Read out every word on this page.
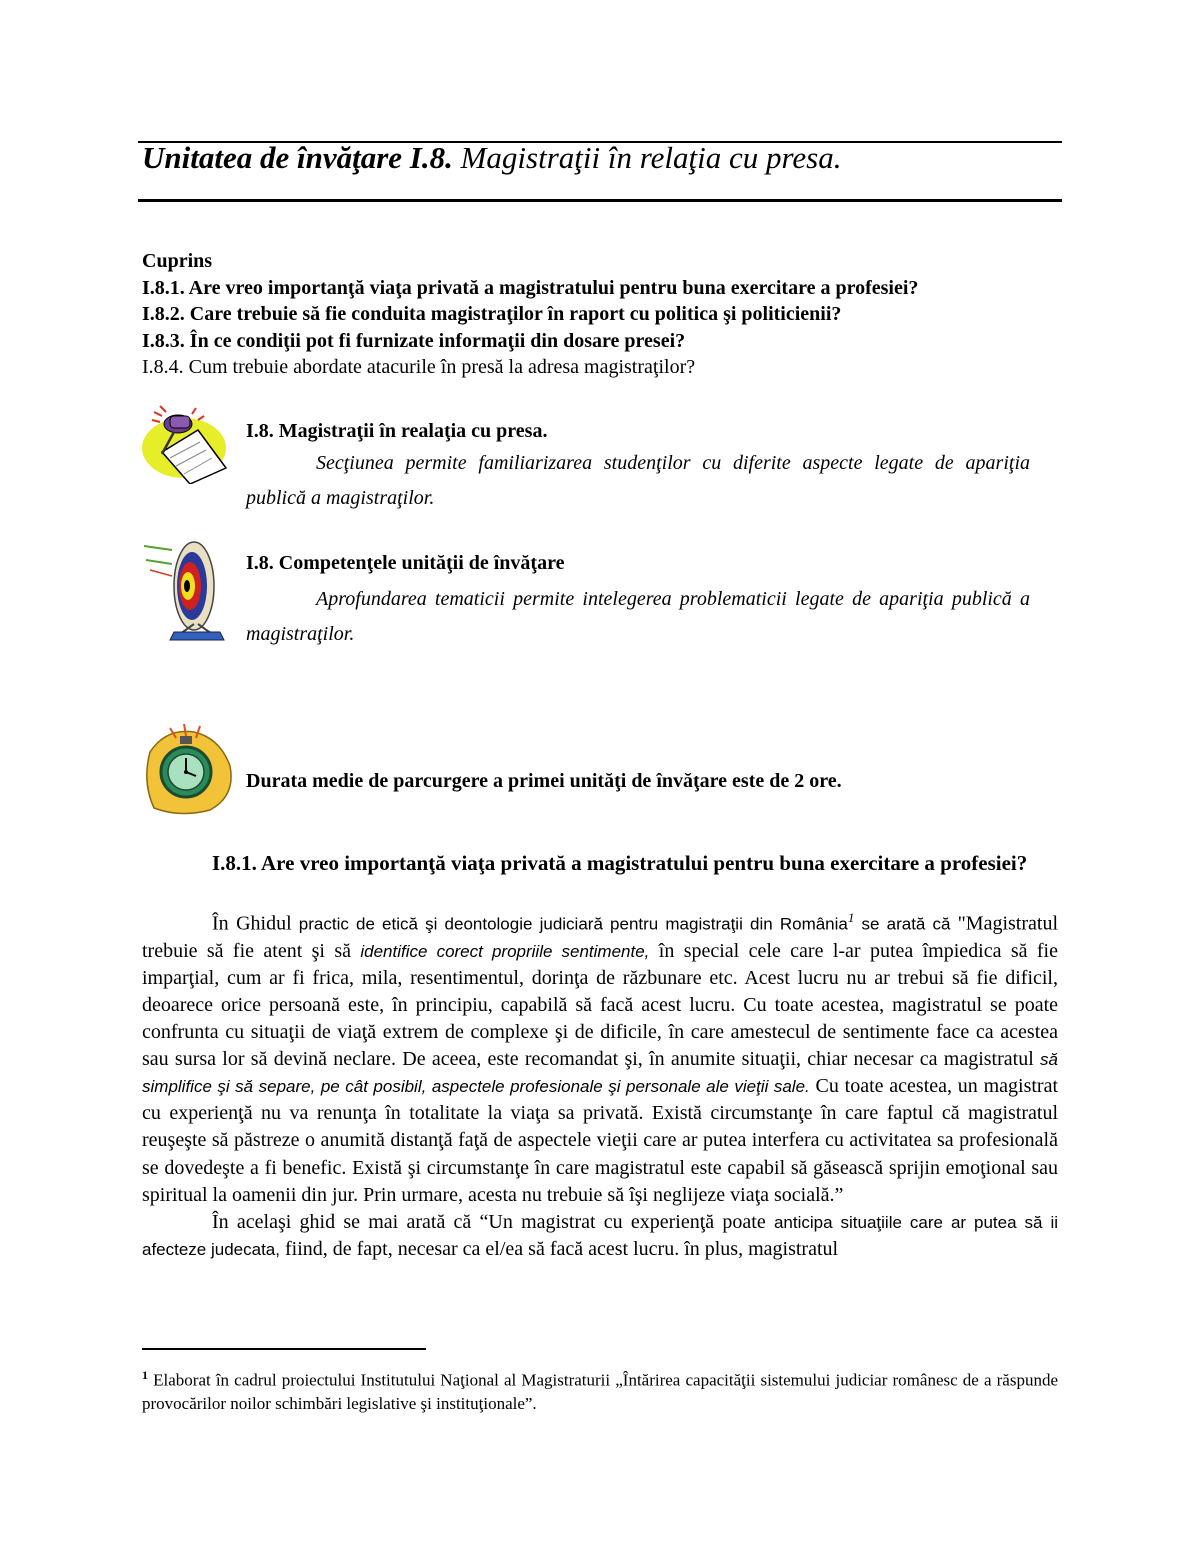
Unitatea de învăţare I.8. Magistraţii în relaţia cu presa.
Cuprins
I.8.1. Are vreo importanţă viaţa privată a magistratului pentru buna exercitare a profesiei?
I.8.2. Care trebuie să fie conduita magistraţilor în raport cu politica şi politicienii?
I.8.3. În ce condiţii pot fi furnizate informaţii din dosare presei?
I.8.4. Cum trebuie abordate atacurile în presă la adresa magistraţilor?
I.8. Magistraţii în realaţia cu presa.
Secţiunea permite familiarizarea studenţilor cu diferite aspecte legate de apariţia publică a magistraţilor.
I.8. Competenţele unităţii de învăţare
Aprofundarea tematicii permite intelegerea problematicii legate de apariţia publică a magistraţilor.
Durata medie de parcurgere a primei unităţi de învăţare este de 2 ore.
I.8.1. Are vreo importanţă viaţa privată a magistratului pentru buna exercitare a profesiei?

În Ghidul practic de etică şi deontologie judiciară pentru magistraţii din România$^1$ se arată că "Magistratul trebuie să fie atent şi să identifice corect propriile sentimente, în special cele care l-ar putea împiedica să fie imparţial, cum ar fi frica, mila, resentimentul, dorinţa de răzbunare etc. Acest lucru nu ar trebui să fie dificil, deoarece orice persoană este, în principiu, capabilă să facă acest lucru. Cu toate acestea, magistratul se poate confrunta cu situaţii de viaţă extrem de complexe şi de dificile, în care amestecul de sentimente face ca acestea sau sursa lor să devină neclare. De aceea, este recomandat şi, în anumite situaţii, chiar necesar ca magistratul să simplifice şi să separe, pe cât posibil, aspectele profesionale şi personale ale vieţii sale. Cu toate acestea, un magistrat cu experienţă nu va renunţa în totalitate la viaţa sa privată. Există circumstanţe în care faptul că magistratul reuşeşte să păstreze o anumită distanţă faţă de aspectele vieţii care ar putea interfera cu activitatea sa profesională se dovedeşte a fi benefic. Există şi circumstanţe în care magistratul este capabil să găsească sprijin emoţional sau spiritual la oamenii din jur. Prin urmare, acesta nu trebuie să îşi neglijeze viaţa socială.”

În acelaşi ghid se mai arată că “Un magistrat cu experienţă poate anticipa situaţiile care ar putea să ii afecteze judecata, fiind, de fapt, necesar ca el/ea să facă acest lucru. în plus, magistratul

$^1$ Elaborat în cadrul proiectului Institutului Naţional al Magistraturii „Întărirea capacităţii sistemului judiciar românesc de a răspunde provocărilor noilor schimbări legislative şi instituţionale”.
